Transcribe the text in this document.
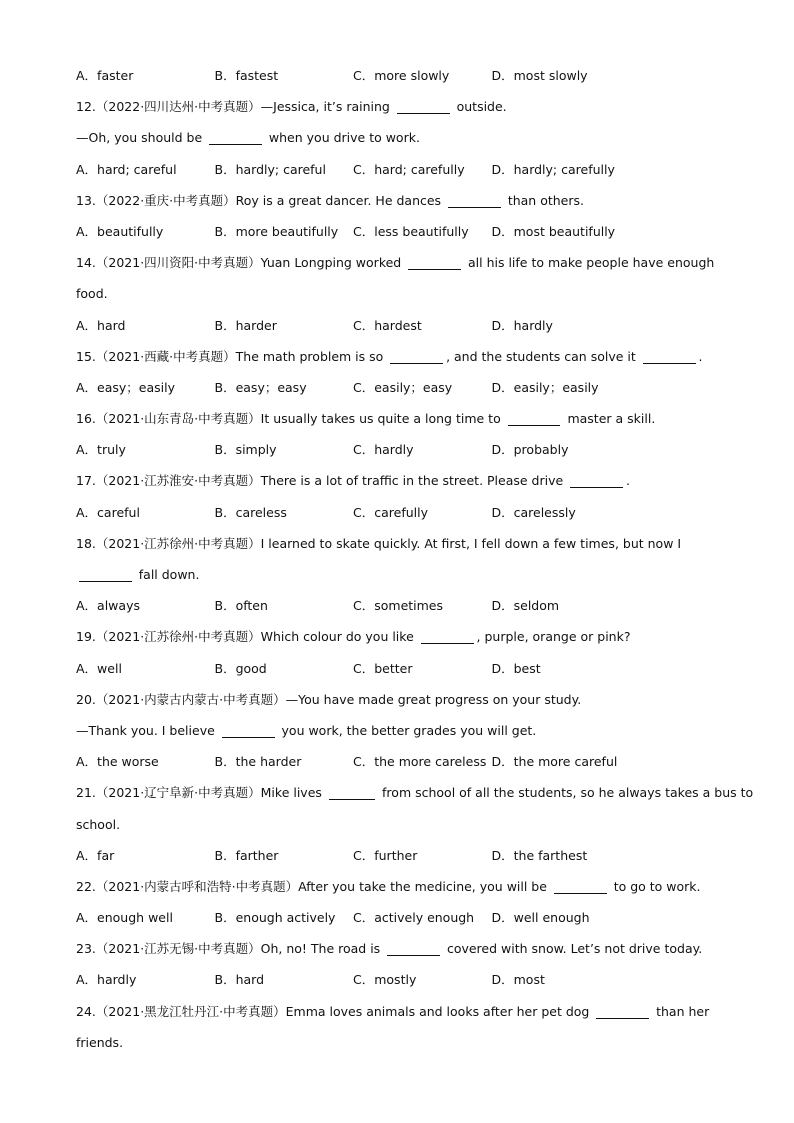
A．faster	B．fastest	C．more slowly	D．most slowly
12.（2022·四川达州·中考真题）—Jessica, it’s raining	outside.
—Oh, you should be	when you drive to work.
A．hard; careful	B．hardly; careful	C．hard; carefully	D．hardly; carefully
13.（2022·重庆·中考真题）Roy is a great dancer. He dances	than others.
A．beautifully	B．more beautifully	C．less beautifully	D．most beautifully
14.（2021·四川资阳·中考真题）Yuan Longping worked	all his life to make people have enough
food.
A．hard	B．harder	C．hardest	D．hardly
15.（2021·西藏·中考真题）The math problem is so	, and the students can solve it	.
A．easy；easily	B．easy；easy	C．easily；easy	D．easily；easily
16.（2021·山东青岛·中考真题）It usually takes us quite a long time to	master a skill.
A．truly	B．simply	C．hardly	D．probably
17.（2021·江苏淮安·中考真题）There is a lot of traffic in the street. Please drive	.
A．careful	B．careless	C．carefully	D．carelessly
18.（2021·江苏徐州·中考真题）I learned to skate quickly. At first, I fell down a few times, but now I
fall down.
A．always	B．often	C．sometimes	D．seldom
19.（2021·江苏徐州·中考真题）Which colour do you like	, purple, orange or pink?
A．well	B．good	C．better	D．best
20.（2021·内蒙古内蒙古·中考真题）—You have made great progress on your study.
—Thank you. I believe	you work, the better grades you will get.
A．the worse	B．the harder	C．the more careless D．the more careful
21.（2021·辽宁阜新·中考真题）Mike lives	from school of all the students, so he always takes a bus to
school.
A．far	B．farther	C．further	D．the farthest
22.（2021·内蒙古呼和浩特·中考真题）After you take the medicine, you will be	to go to work.
A．enough well	B．enough actively	C．actively enough	D．well enough
23.（2021·江苏无锡·中考真题）Oh, no! The road is	covered with snow. Let’s not drive today.
A．hardly	B．hard	C．mostly	D．most
24.（2021·黑龙江牡丹江·中考真题）Emma loves animals and looks after her pet dog	than her
friends.
